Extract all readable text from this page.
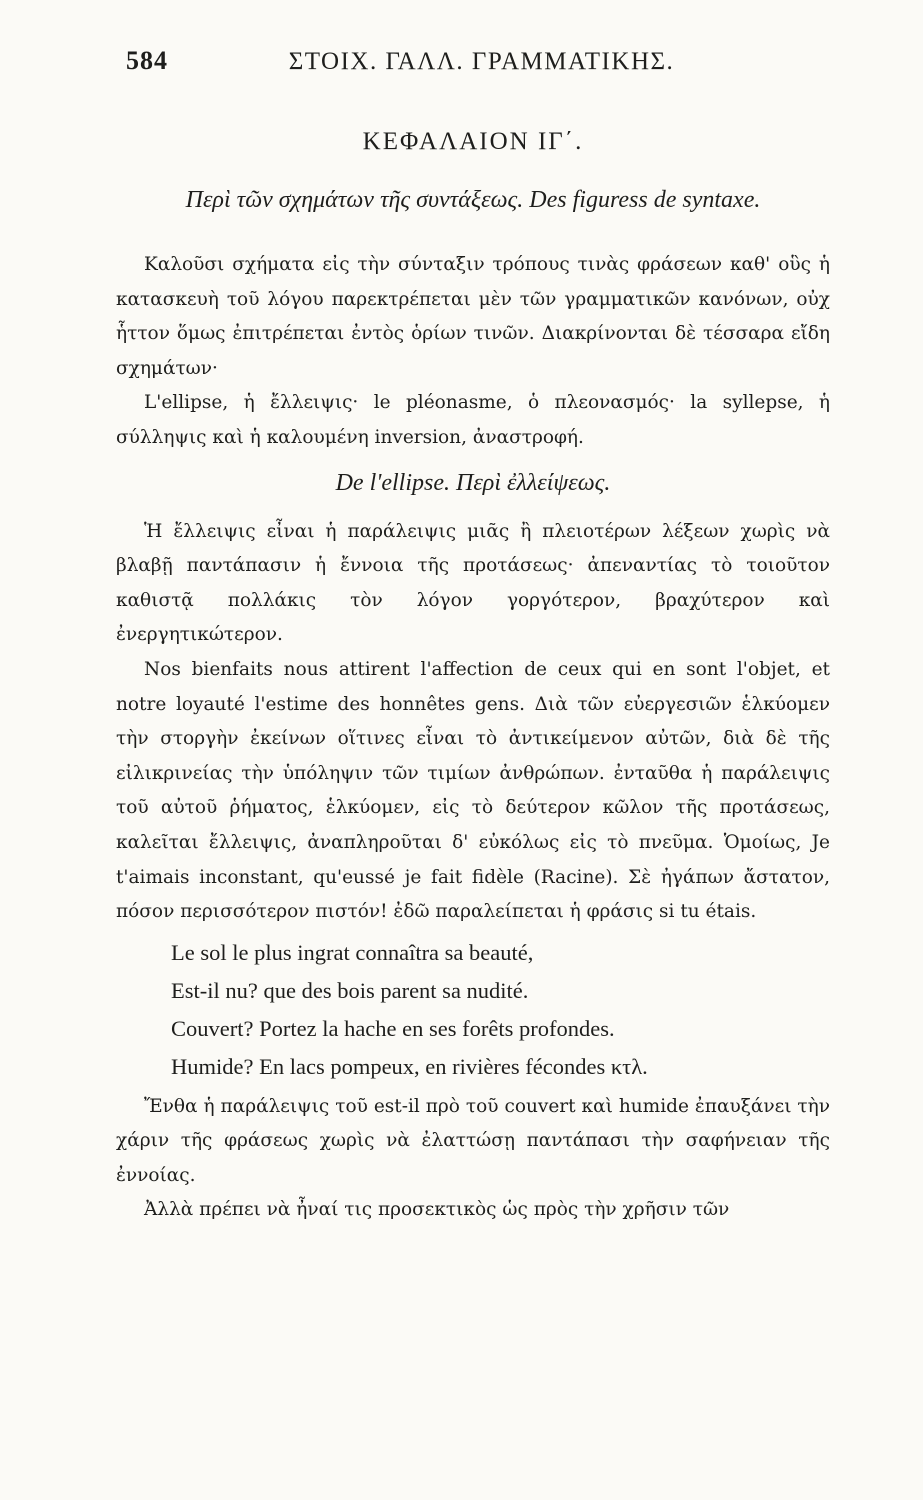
584	ΣΤΟΙΧ. ΓΑΛΛ. ΓΡΑΜΜΑΤΙΚΗΣ.
ΚΕΦΑΛΑΙΟΝ ΙΓ΄.
Περὶ τῶν σχημάτων τῆς συντάξεως. Des figuress de syntaxe.

Καλοῦσι σχήματα εἰς τὴν σύνταξιν τρόπους τινὰς φράσεων καθ' οὓς ἡ κατασκευὴ τοῦ λόγου παρεκτρέπεται μὲν τῶν γραμματικῶν κανόνων, οὐχ ἧττον ὅμως ἐπιτρέπεται ἐντὸς ὁρίων τινῶν. Διακρίνονται δὲ τέσσαρα εἴδη σχημάτων·

L'ellipse, ἡ ἔλλειψις· le pléonasme, ὁ πλεονασμός· la syllepse, ἡ σύλληψις καὶ ἡ καλουμένη inversion, ἀναστροφή.

De l'ellipse. Περὶ ἐλλείψεως.

Ἡ ἔλλειψις εἶναι ἡ παράλειψις μιᾶς ἢ πλειοτέρων λέξεων χωρὶς νὰ βλαβῇ παντάπασιν ἡ ἔννοια τῆς προτάσεως· ἀπεναντίας τὸ τοιοῦτον καθιστᾷ πολλάκις τὸν λόγον γοργότερον, βραχύτερον καὶ ἐνεργητικώτερον.

Nos bienfaits nous attirent l'affection de ceux qui en sont l'objet, et notre loyauté l'estime des honnêtes gens. Διὰ τῶν εὐεργεσιῶν ἑλκύομεν τὴν στοργὴν ἐκείνων οἵτινες εἶναι τὸ ἀντικείμενον αὐτῶν, διὰ δὲ τῆς εἰλικρινείας τὴν ὑπόληψιν τῶν τιμίων ἀνθρώπων. ἐνταῦθα ἡ παράλειψις τοῦ αὐτοῦ ῥήματος, ἑλκύομεν, εἰς τὸ δεύτερον κῶλον τῆς προτάσεως, καλεῖται ἔλλειψις, ἀναπληροῦται δ' εὐκόλως εἰς τὸ πνεῦμα. Ὁμοίως, Je t'aimais inconstant, qu'eussé je fait fidèle (Racine). Σὲ ἠγάπων ἄστατον, πόσον περισσότερον πιστόν! ἐδῶ παραλείπεται ἡ φράσις si tu étais.

Le sol le plus ingrat connaîtra sa beauté,
Est-il nu? que des bois parent sa nudité.
Couvert? Portez la hache en ses forêts profondes.
Humide? En lacs pompeux, en rivières fécondes κτλ.

Ἔνθα ἡ παράλειψις τοῦ est-il πρὸ τοῦ couvert καὶ humide ἐπαυξάνει τὴν χάριν τῆς φράσεως χωρὶς νὰ ἐλαττώσῃ παντάπασι τὴν σαφήνειαν τῆς ἐννοίας.

Ἀλλὰ πρέπει νὰ ἦναί τις προσεκτικὸς ὡς πρὸς τὴν χρῆσιν τῶν
